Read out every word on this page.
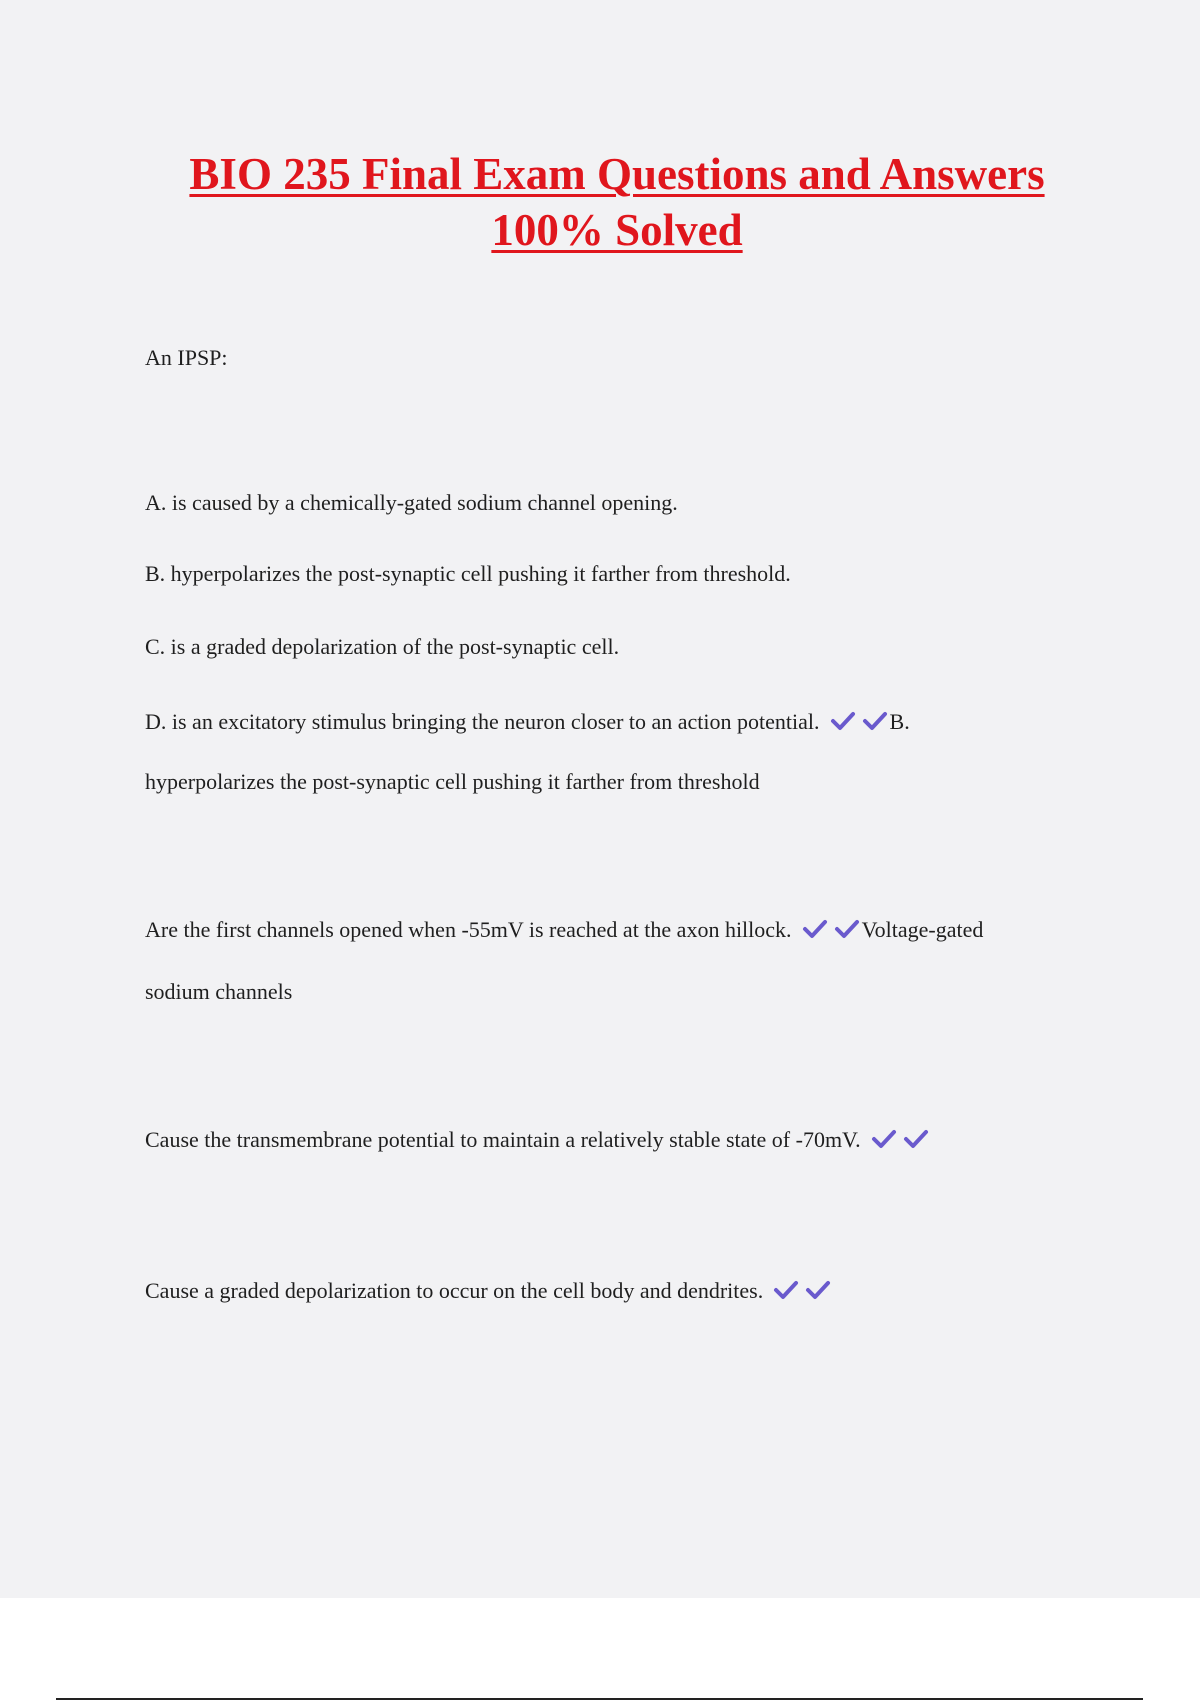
BIO 235 Final Exam Questions and Answers
100% Solved
An IPSP:
A. is caused by a chemically-gated sodium channel opening.
B. hyperpolarizes the post-synaptic cell pushing it farther from threshold.
C. is a graded depolarization of the post-synaptic cell.
D. is an excitatory stimulus bringing the neuron closer to an action potential.	B.
hyperpolarizes the post-synaptic cell pushing it farther from threshold
Are the first channels opened when -55mV is reached at the axon hillock.	Voltage-gated
sodium channels
Cause the transmembrane potential to maintain a relatively stable state of -70mV.
Cause a graded depolarization to occur on the cell body and dendrites.
